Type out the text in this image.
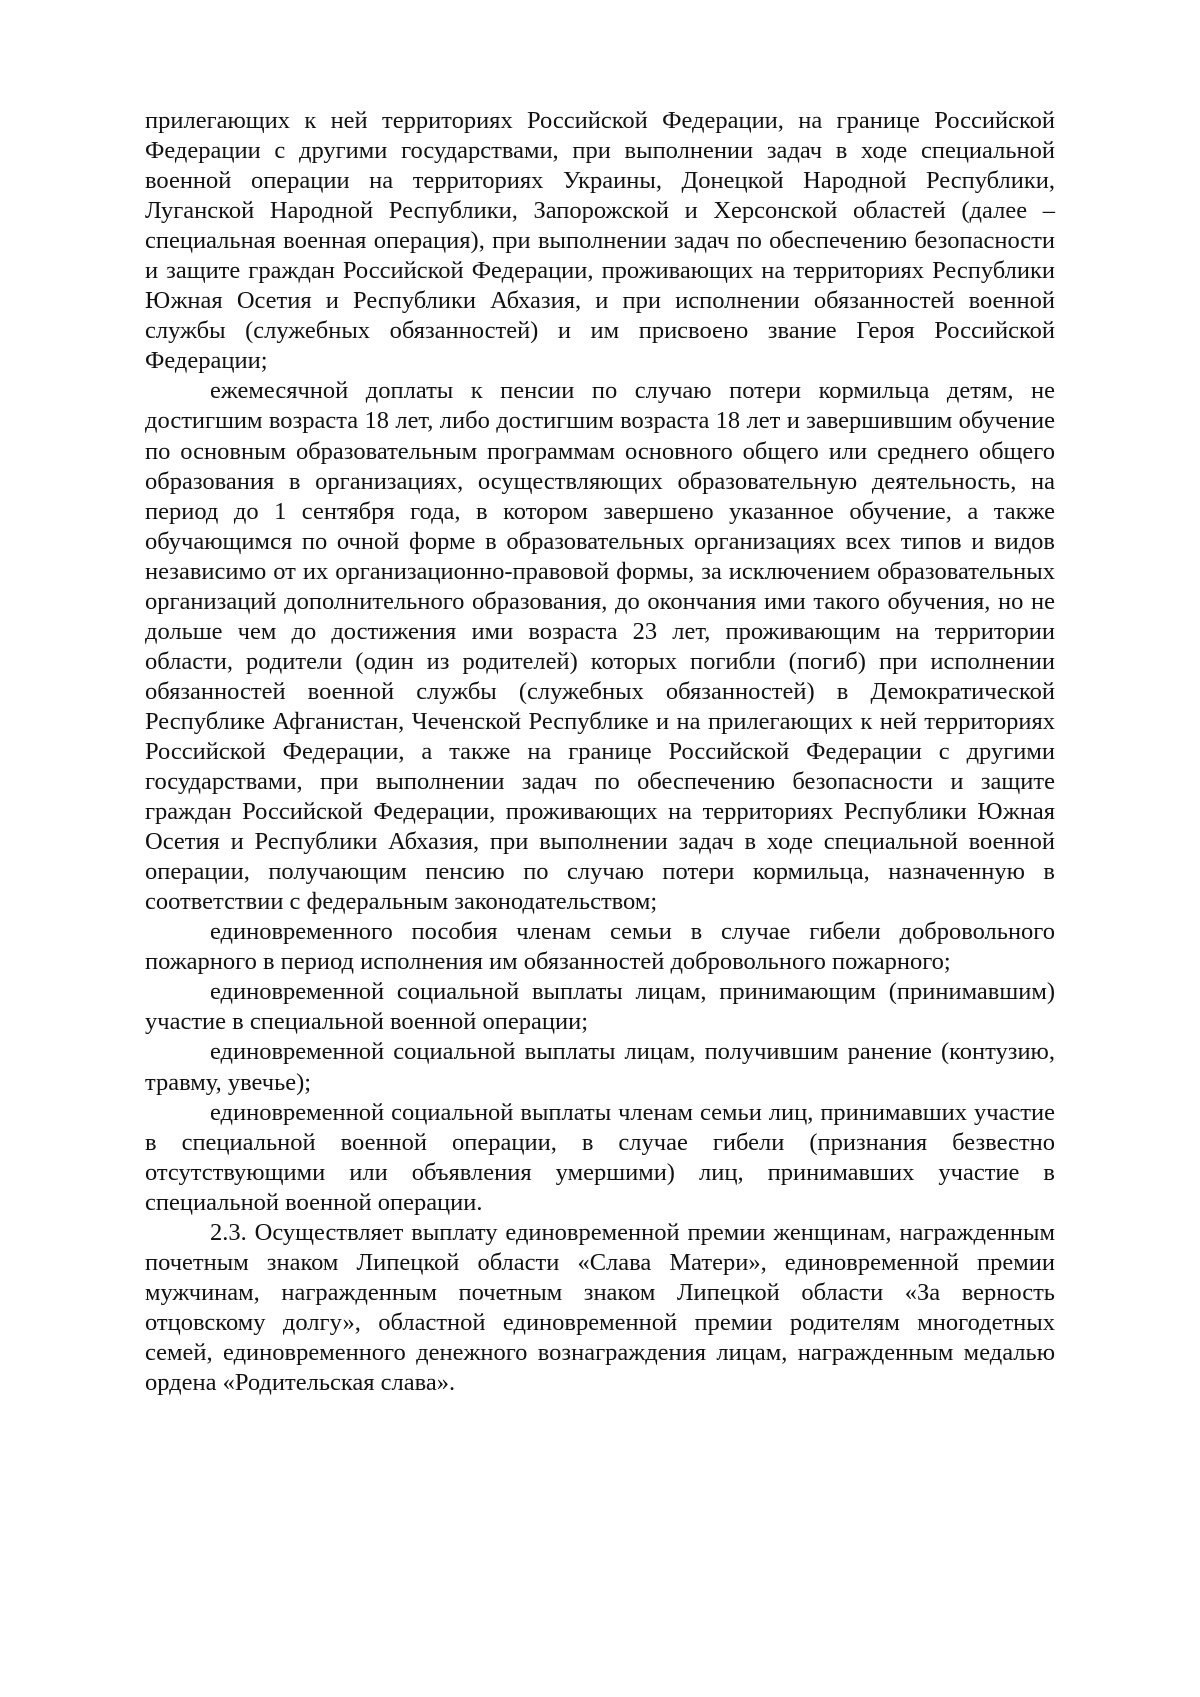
прилегающих к ней территориях Российской Федерации, на границе Российской Федерации с другими государствами, при выполнении задач в ходе специальной военной операции на территориях Украины, Донецкой Народной Республики, Луганской Народной Республики, Запорожской и Херсонской областей (далее – специальная военная операция), при выполнении задач по обеспечению безопасности и защите граждан Российской Федерации, проживающих на территориях Республики Южная Осетия и Республики Абхазия, и при исполнении обязанностей военной службы (служебных обязанностей) и им присвоено звание Героя Российской Федерации;

ежемесячной доплаты к пенсии по случаю потери кормильца детям, не достигшим возраста 18 лет, либо достигшим возраста 18 лет и завершившим обучение по основным образовательным программам основного общего или среднего общего образования в организациях, осуществляющих образовательную деятельность, на период до 1 сентября года, в котором завершено указанное обучение, а также обучающимся по очной форме в образовательных организациях всех типов и видов независимо от их организационно-правовой формы, за исключением образовательных организаций дополнительного образования, до окончания ими такого обучения, но не дольше чем до достижения ими возраста 23 лет, проживающим на территории области, родители (один из родителей) которых погибли (погиб) при исполнении обязанностей военной службы (служебных обязанностей) в Демократической Республике Афганистан, Чеченской Республике и на прилегающих к ней территориях Российской Федерации, а также на границе Российской Федерации с другими государствами, при выполнении задач по обеспечению безопасности и защите граждан Российской Федерации, проживающих на территориях Республики Южная Осетия и Республики Абхазия, при выполнении задач в ходе специальной военной операции, получающим пенсию по случаю потери кормильца, назначенную в соответствии с федеральным законодательством;

единовременного пособия членам семьи в случае гибели добровольного пожарного в период исполнения им обязанностей добровольного пожарного;

единовременной социальной выплаты лицам, принимающим (принимавшим) участие в специальной военной операции;

единовременной социальной выплаты лицам, получившим ранение (контузию, травму, увечье);

единовременной социальной выплаты членам семьи лиц, принимавших участие в специальной военной операции, в случае гибели (признания безвестно отсутствующими или объявления умершими) лиц, принимавших участие в специальной военной операции.

2.3. Осуществляет выплату единовременной премии женщинам, награжденным почетным знаком Липецкой области «Слава Матери», единовременной премии мужчинам, награжденным почетным знаком Липецкой области «За верность отцовскому долгу», областной единовременной премии родителям многодетных семей, единовременного денежного вознаграждения лицам, награжденным медалью ордена «Родительская слава».
